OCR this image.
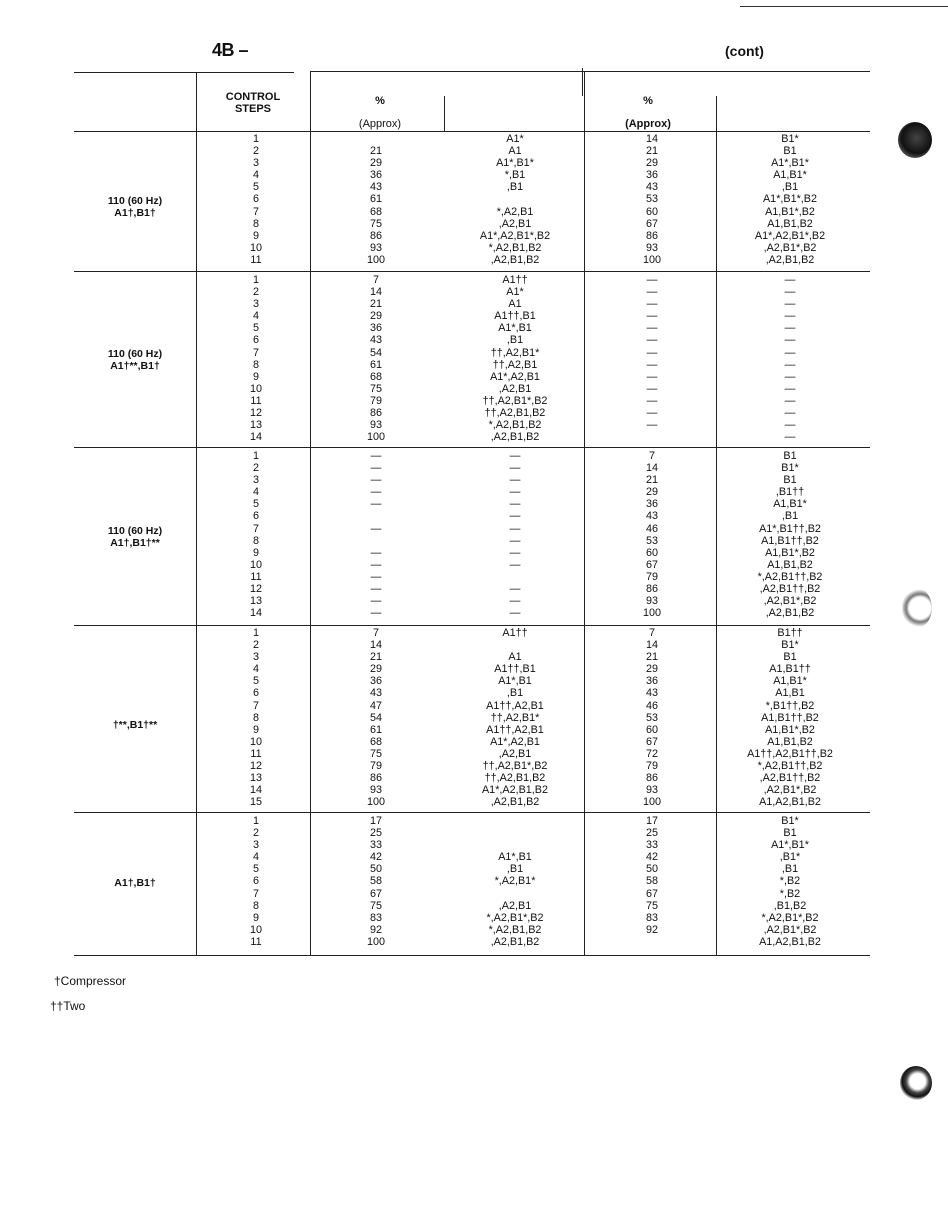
4B –	(cont)
CONTROL
STEPS
%
(Approx)
%
(Approx)
110 (60 Hz)
A1†,B1†
1
2
3
4
5
6
7
8
9
10
11
21
29
36
43
61
68
75
86
93
100
A1*
A1
A1*,B1*
*,B1
,B1
*,A2,B1
,A2,B1
A1*,A2,B1*,B2
*,A2,B1,B2
,A2,B1,B2
14
21
29
36
43
53
60
67
86
93
100
B1*
B1
A1*,B1*
A1,B1*
,B1
A1*,B1*,B2
A1,B1*,B2
A1,B1,B2
A1*,A2,B1*,B2
,A2,B1*,B2
,A2,B1,B2
110 (60 Hz)
A1†**,B1†
1
2
3
4
5
6
7
8
9
10
11
12
13
14
7
14
21
29
36
43
54
61
68
75
79
86
93
100
A1††
A1*
A1
A1††,B1
A1*,B1
,B1
††,A2,B1*
††,A2,B1
A1*,A2,B1
,A2,B1
††,A2,B1*,B2
††,A2,B1,B2
*,A2,B1,B2
,A2,B1,B2
—
—
—
—
—
—
—
—
—
—
—
—
—
—
—
—
—
—
—
—
—
—
—
—
—
—
—
110 (60 Hz)
A1†,B1†**
1
2
3
4
5
6
7
8
9
10
11
12
13
14
—
—
—
—
—
—
—
—
—
—
—
—
—
—
—
—
—
—
—
—
—
—
—
—
—
7
14
21
29
36
43
46
53
60
67
79
86
93
100
B1
B1*
B1
,B1††
A1,B1*
,B1
A1*,B1††,B2
A1,B1††,B2
A1,B1*,B2
A1,B1,B2
*,A2,B1††,B2
,A2,B1††,B2
,A2,B1*,B2
,A2,B1,B2
†**,B1†**
1
2
3
4
5
6
7
8
9
10
11
12
13
14
15
7
14
21
29
36
43
47
54
61
68
75
79
86
93
100
A1††
A1
A1††,B1
A1*,B1
,B1
A1††,A2,B1
††,A2,B1*
A1††,A2,B1
A1*,A2,B1
,A2,B1
††,A2,B1*,B2
††,A2,B1,B2
A1*,A2,B1,B2
,A2,B1,B2
7
14
21
29
36
43
46
53
60
67
72
79
86
93
100
B1††
B1*
B1
A1,B1††
A1,B1*
A1,B1
*,B1††,B2
A1,B1††,B2
A1,B1*,B2
A1,B1,B2
A1††,A2,B1††,B2
*,A2,B1††,B2
,A2,B1††,B2
,A2,B1*,B2
A1,A2,B1,B2
A1†,B1†
1
2
3
4
5
6
7
8
9
10
11
17
25
33
42
50
58
67
75
83
92
100
A1*,B1
,B1
*,A2,B1*
,A2,B1
*,A2,B1*,B2
*,A2,B1,B2
,A2,B1,B2
17
25
33
42
50
58
67
75
83
92
B1*
B1
A1*,B1*
,B1*
,B1
*,B2
*,B2
,B1,B2
*,A2,B1*,B2
,A2,B1*,B2
A1,A2,B1,B2
†Compressor
††Two
